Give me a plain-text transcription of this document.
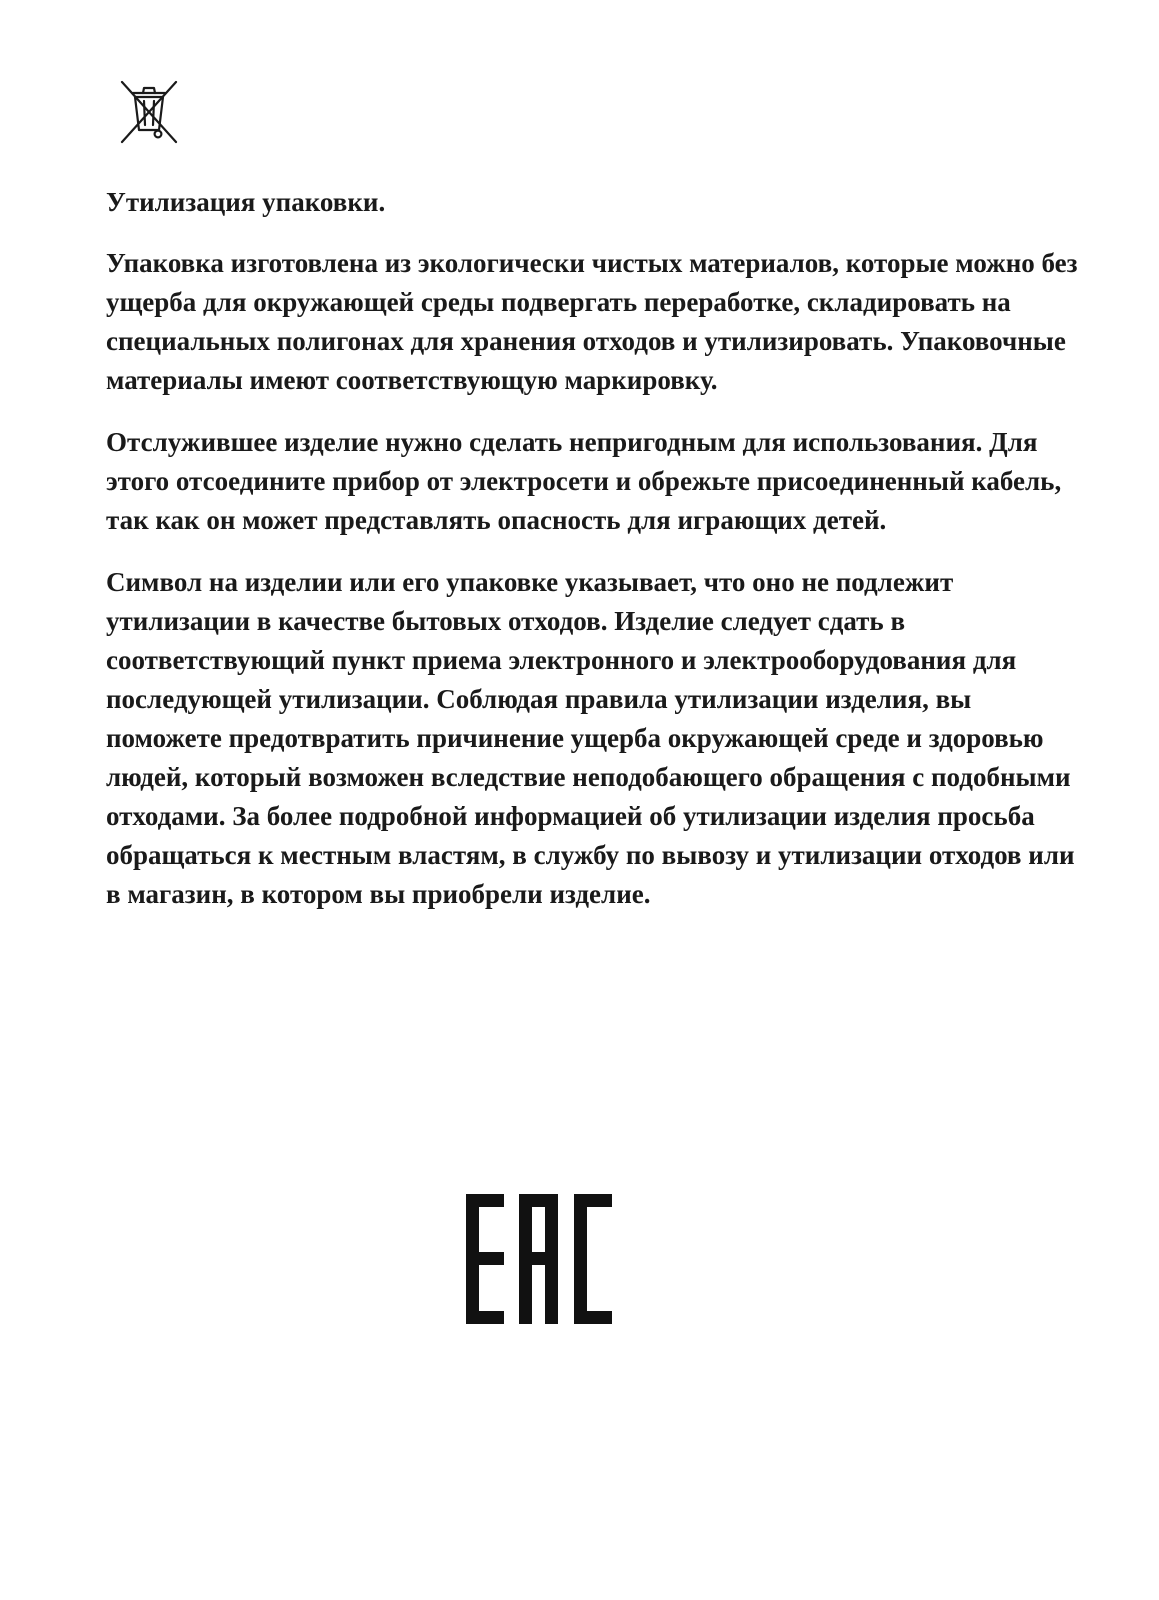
Утилизация упаковки.

Упаковка изготовлена из экологически чистых материалов, которые можно без ущерба для окружающей среды подвергать переработке, складировать на специальных полигонах для хранения отходов и утилизировать. Упаковочные материалы имеют соответствующую маркировку.

Отслужившее изделие нужно сделать непригодным для использования. Для этого отсоедините прибор от электросети и обрежьте присоединенный кабель, так как он может представлять опасность для играющих детей.

Символ на изделии или его упаковке указывает, что оно не подлежит утилизации в качестве бытовых отходов. Изделие следует сдать в соответствующий пункт приема электронного и электрооборудования для последующей утилизации. Соблюдая правила утилизации изделия, вы поможете предотвратить причинение ущерба окружающей среде и здоровью людей, который возможен вследствие неподобающего обращения с подобными отходами. За более подробной информацией об утилизации изделия просьба обращаться к местным властям, в службу по вывозу и утилизации отходов или в магазин, в котором вы приобрели изделие.
